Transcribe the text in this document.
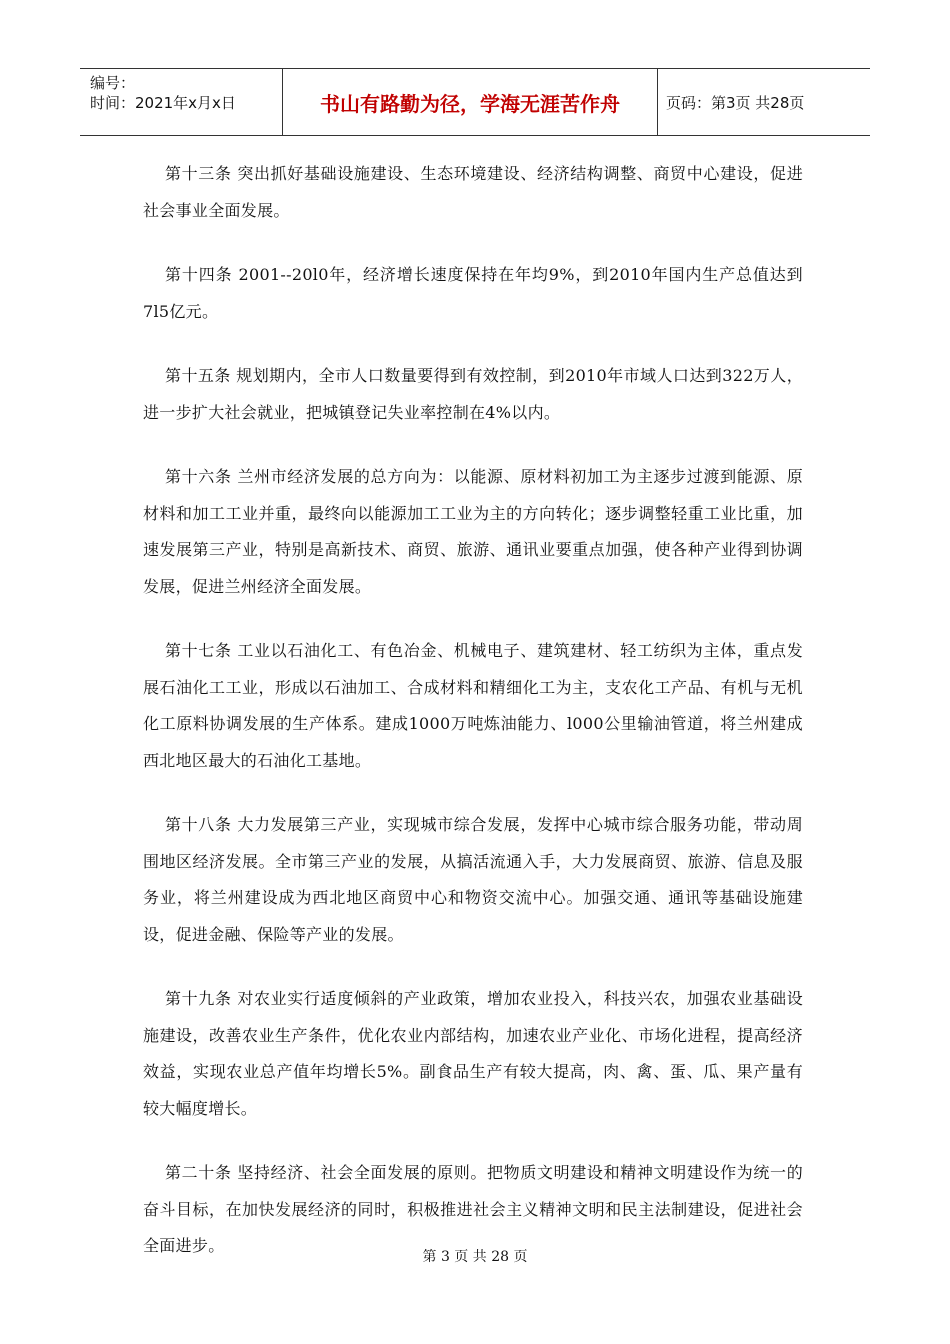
编号：
时间：2021年x月x日	书山有路勤为径，学海无涯苦作舟	页码：第3页 共28页

第十三条 突出抓好基础设施建设、生态环境建设、经济结构调整、商贸中心建设，促进社会事业全面发展。

第十四条 2001--20l0年，经济增长速度保持在年均9%，到2010年国内生产总值达到7l5亿元。

第十五条 规划期内，全市人口数量要得到有效控制，到2010年市域人口达到322万人，进一步扩大社会就业，把城镇登记失业率控制在4%以内。

第十六条 兰州市经济发展的总方向为：以能源、原材料初加工为主逐步过渡到能源、原材料和加工工业并重，最终向以能源加工工业为主的方向转化；逐步调整轻重工业比重，加速发展第三产业，特别是高新技术、商贸、旅游、通讯业要重点加强，使各种产业得到协调发展，促进兰州经济全面发展。

第十七条 工业以石油化工、有色冶金、机械电子、建筑建材、轻工纺织为主体，重点发展石油化工工业，形成以石油加工、合成材料和精细化工为主，支农化工产品、有机与无机化工原料协调发展的生产体系。建成1000万吨炼油能力、l000公里输油管道，将兰州建成西北地区最大的石油化工基地。

第十八条 大力发展第三产业，实现城市综合发展，发挥中心城市综合服务功能，带动周围地区经济发展。全市第三产业的发展，从搞活流通入手，大力发展商贸、旅游、信息及服务业，将兰州建设成为西北地区商贸中心和物资交流中心。加强交通、通讯等基础设施建设，促进金融、保险等产业的发展。

第十九条 对农业实行适度倾斜的产业政策，增加农业投入，科技兴农，加强农业基础设施建设，改善农业生产条件，优化农业内部结构，加速农业产业化、市场化进程，提高经济效益，实现农业总产值年均增长5%。副食品生产有较大提高，肉、禽、蛋、瓜、果产量有较大幅度增长。

第二十条 坚持经济、社会全面发展的原则。把物质文明建设和精神文明建设作为统一的奋斗目标，在加快发展经济的同时，积极推进社会主义精神文明和民主法制建设，促进社会全面进步。

第 3 页 共 28 页
